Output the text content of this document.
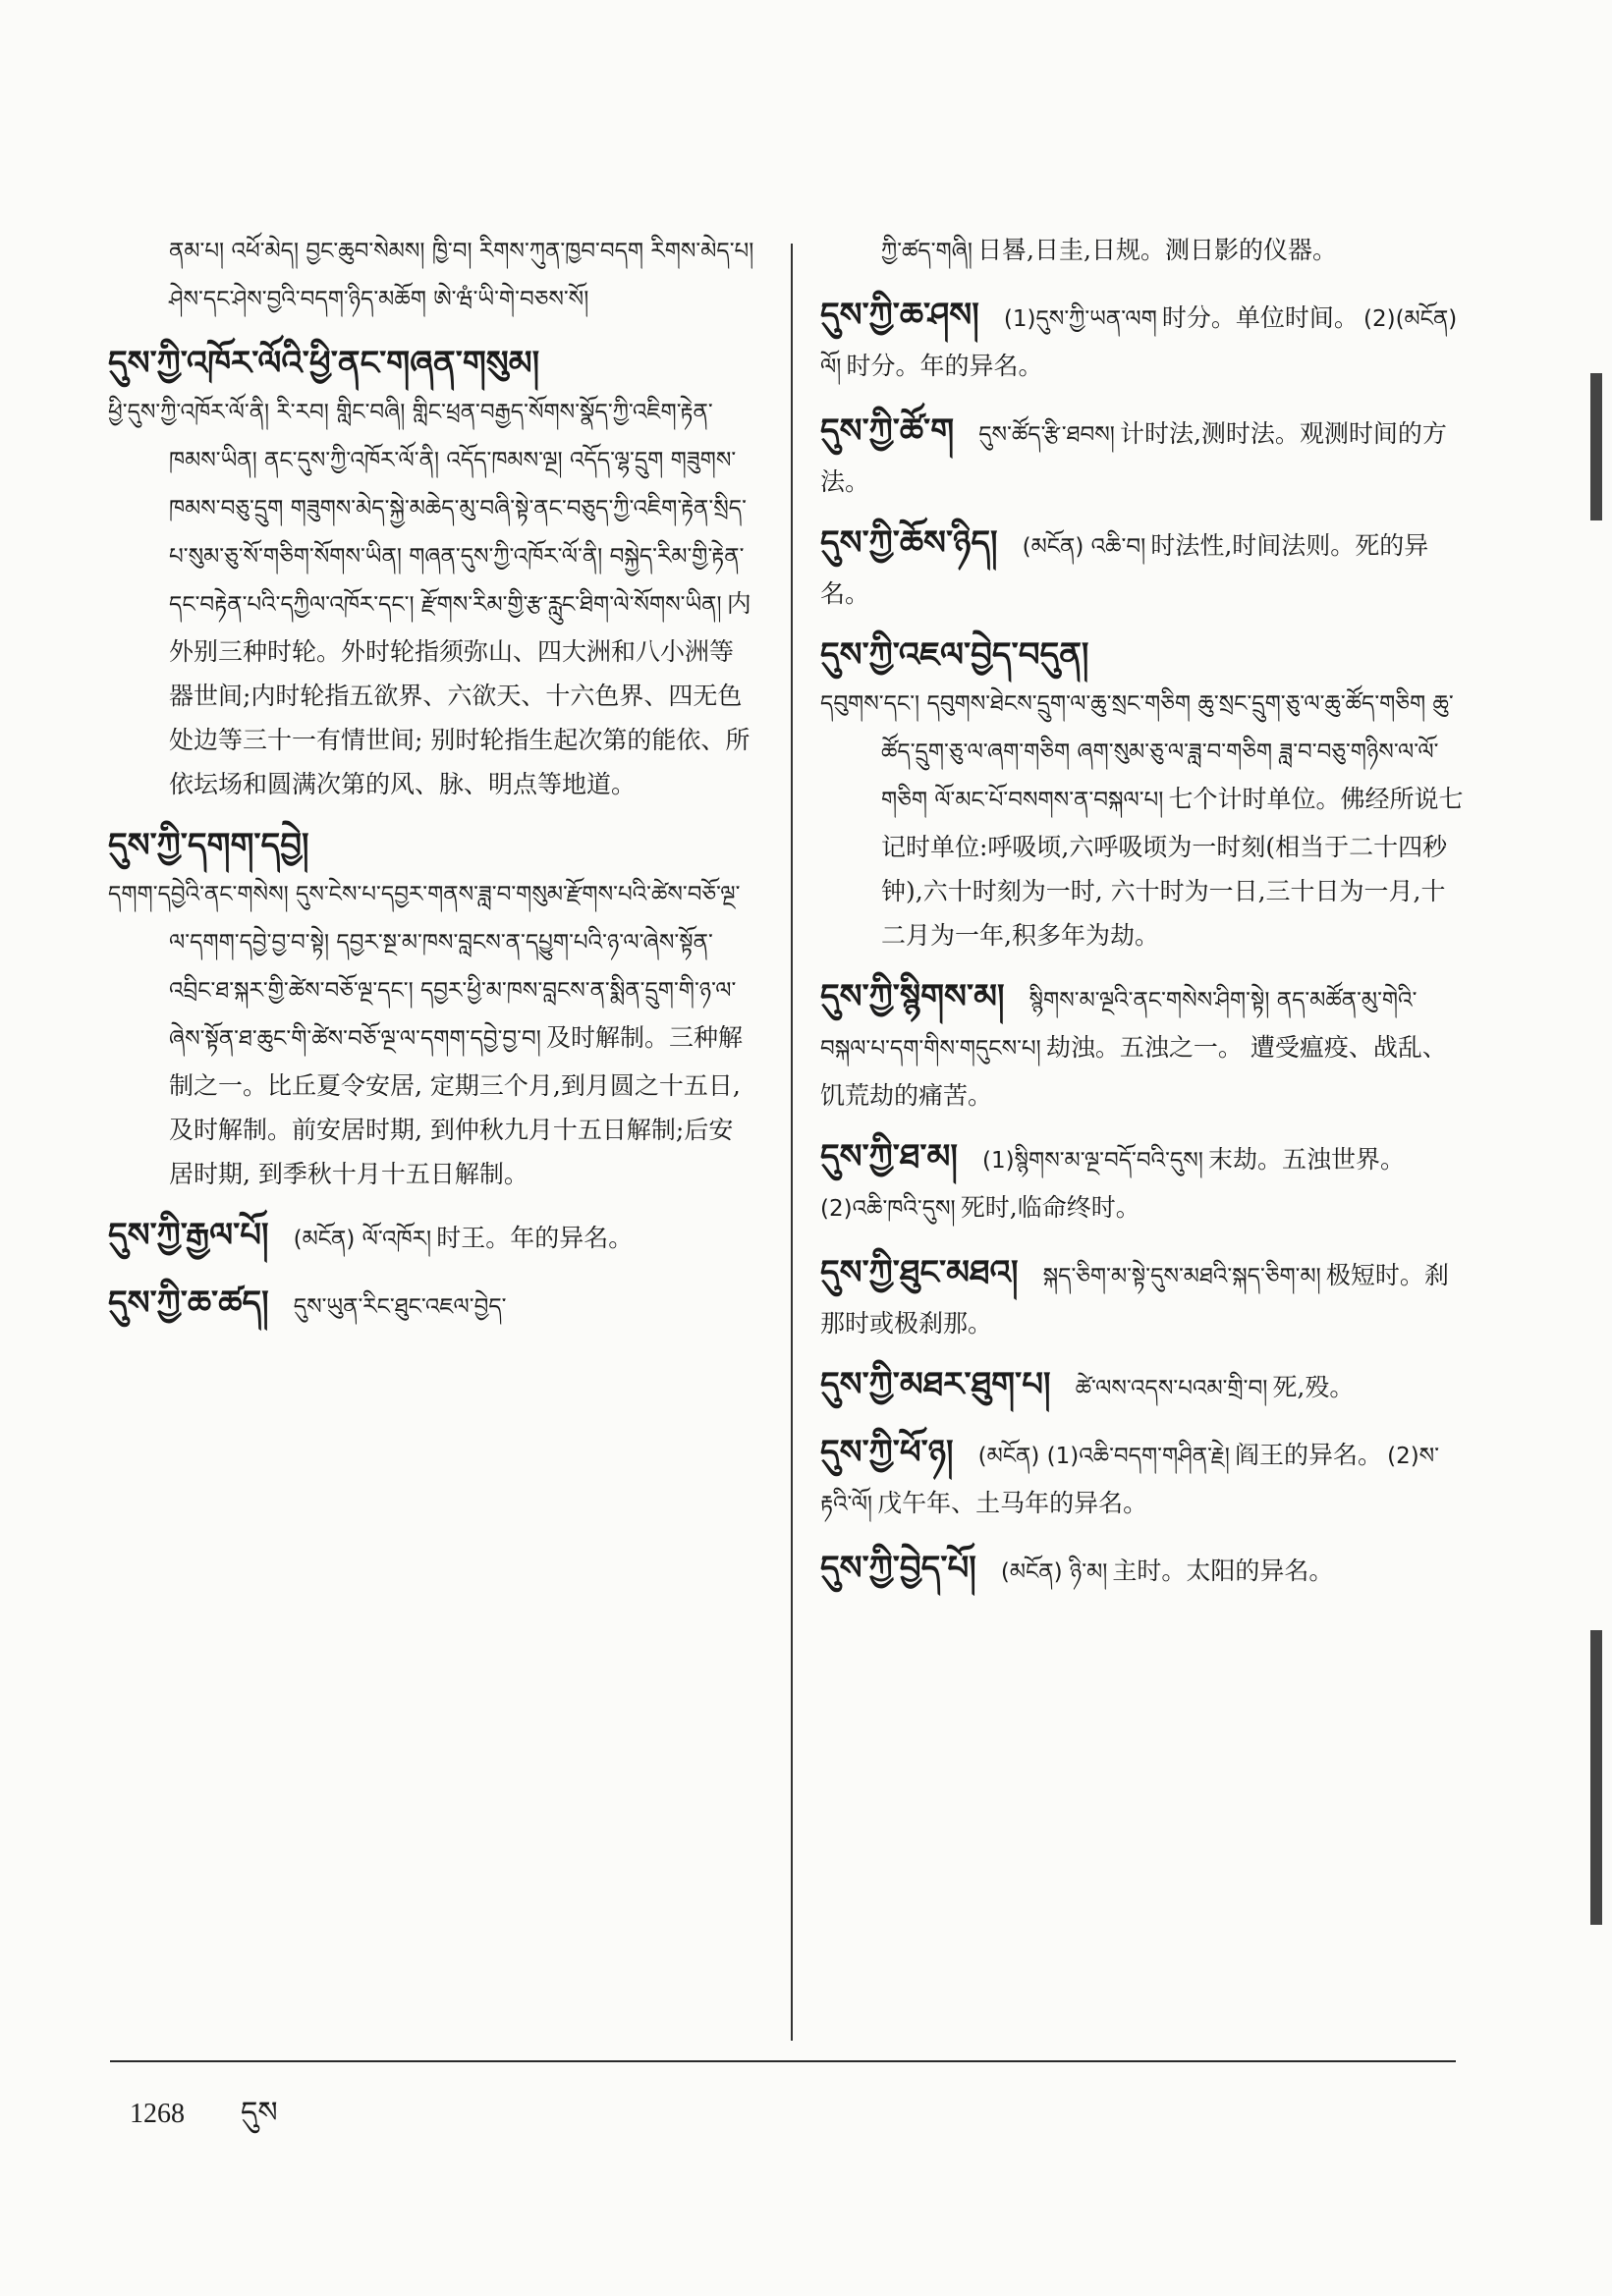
ནམ་པ། འཕོ་མེད། བྱང་ཆུབ་སེམས། ཁྱི་བ། རིགས་ཀུན་ཁྱབ་བདག རིགས་མེད་པ། ཤེས་དང་ཤེས་བྱའི་བདག་ཉིད་མཆོག ཨེ་ཝཾ་ཡི་གེ་བཅས་སོ།
དུས་ཀྱི་འཁོར་ལོའི་ཕྱི་ནང་གཞན་གསུམ།
ཕྱི་དུས་ཀྱི་འཁོར་ལོ་ནི། རི་རབ། གླིང་བཞི། གླིང་ཕྲན་བརྒྱད་སོགས་སྣོད་ཀྱི་འཇིག་རྟེན་ཁམས་ཡིན། ནང་དུས་ཀྱི་འཁོར་ལོ་ནི། འདོད་ཁམས་ལྔ། འདོད་ལྷ་དྲུག གཟུགས་ཁམས་བཅུ་དྲུག གཟུགས་མེད་སྐྱེ་མཆེད་མུ་བཞི་སྟེ་ནང་བཅུད་ཀྱི་འཇིག་རྟེན་སྲིད་པ་སུམ་ཅུ་སོ་གཅིག་སོགས་ཡིན། གཞན་དུས་ཀྱི་འཁོར་ལོ་ནི། བསྐྱེད་རིམ་གྱི་རྟེན་དང་བརྟེན་པའི་དཀྱིལ་འཁོར་དང་། རྫོགས་རིམ་གྱི་རྩ་རླུང་ཐིག་ལེ་སོགས་ཡིན། 内外别三种时轮。外时轮指须弥山、四大洲和八小洲等器世间;内时轮指五欲界、六欲天、十六色界、四无色处边等三十一有情世间; 别时轮指生起次第的能依、所依坛场和圆满次第的风、脉、明点等地道。
དུས་ཀྱི་དགག་དབྱེ།
དགག་དབྱེའི་ནང་གསེས། དུས་ངེས་པ་དབྱར་གནས་ཟླ་བ་གསུམ་རྫོགས་པའི་ཚེས་བཅོ་ལྔ་ལ་དགག་དབྱེ་བྱ་བ་སྟེ། དབྱར་སྔ་མ་ཁས་བླངས་ན་དཔྱུག་པའི་ཉ་ལ་ཞེས་སྟོན་འབྲིང་ཐ་སྐར་གྱི་ཚེས་བཅོ་ལྔ་དང་། དབྱར་ཕྱི་མ་ཁས་བླངས་ན་སྨིན་དྲུག་གི་ཉ་ལ་ཞེས་སྟོན་ཐ་ཆུང་གི་ཚེས་བཅོ་ལྔ་ལ་དགག་དབྱེ་བྱ་བ། 及时解制。三种解制之一。比丘夏令安居, 定期三个月,到月圆之十五日,及时解制。前安居时期, 到仲秋九月十五日解制;后安居时期, 到季秋十月十五日解制。
དུས་ཀྱི་རྒྱལ་པོ། (མངོན) ལོ་འཁོར། 时王。年的异名。
དུས་ཀྱི་ཆ་ཚད། དུས་ཡུན་རིང་ཐུང་འཇལ་བྱེད་
ཀྱི་ཚད་གཞི། 日晷,日圭,日规。测日影的仪器。
དུས་ཀྱི་ཆ་ཤས། (1)དུས་ཀྱི་ཡན་ལག 时分。单位时间。 (2)(མངོན) ལོ། 时分。年的异名。
དུས་ཀྱི་ཚོ་ག དུས་ཚོད་རྩི་ཐབས། 计时法,测时法。观测时间的方法。
དུས་ཀྱི་ཆོས་ཉིད། (མངོན) འཆི་བ། 时法性,时间法则。死的异名。
དུས་ཀྱི་འཇལ་བྱེད་བདུན།
དབུགས་དང་། དབུགས་ཐེངས་དྲུག་ལ་ཆུ་སྲང་གཅིག ཆུ་སྲང་དྲུག་ཅུ་ལ་ཆུ་ཚོད་གཅིག ཆུ་ཚོད་དྲུག་ཅུ་ལ་ཞག་གཅིག ཞག་སུམ་ཅུ་ལ་ཟླ་བ་གཅིག ཟླ་བ་བཅུ་གཉིས་ལ་ལོ་གཅིག ལོ་མང་པོ་བསགས་ན་བསྐལ་པ། 七个计时单位。佛经所说七记时单位:呼吸顷,六呼吸顷为一时刻(相当于二十四秒钟),六十时刻为一时, 六十时为一日,三十日为一月,十二月为一年,积多年为劫。
དུས་ཀྱི་སྙིགས་མ། སྙིགས་མ་ལྔའི་ནང་གསེས་ཤིག་སྟེ། ནད་མཚོན་མུ་གེའི་བསྐལ་པ་དག་གིས་གདུངས་པ། 劫浊。五浊之一。 遭受瘟疫、战乱、饥荒劫的痛苦。
དུས་ཀྱི་ཐ་མ། (1)སྙིགས་མ་ལྔ་བདོ་བའི་དུས། 末劫。五浊世界。 (2)འཆི་ཁའི་དུས། 死时,临命终时。
དུས་ཀྱི་ཐུང་མཐའ། སྐད་ཅིག་མ་སྟེ་དུས་མཐའི་སྐད་ཅིག་མ། 极短时。刹那时或极刹那。
དུས་ཀྱི་མཐར་ཐུག་པ། ཚེ་ལས་འདས་པའམ་གྲི་བ། 死,殁。
དུས་ཀྱི་ཕོ་ཉ། (མངོན) (1)འཆི་བདག་གཤིན་རྗེ། 阎王的异名。 (2)ས་རྟའི་ལོ། 戊午年、土马年的异名。
དུས་ཀྱི་བྱེད་པོ། (མངོན) ཉི་མ། 主时。太阳的异名。
1268 དུས
